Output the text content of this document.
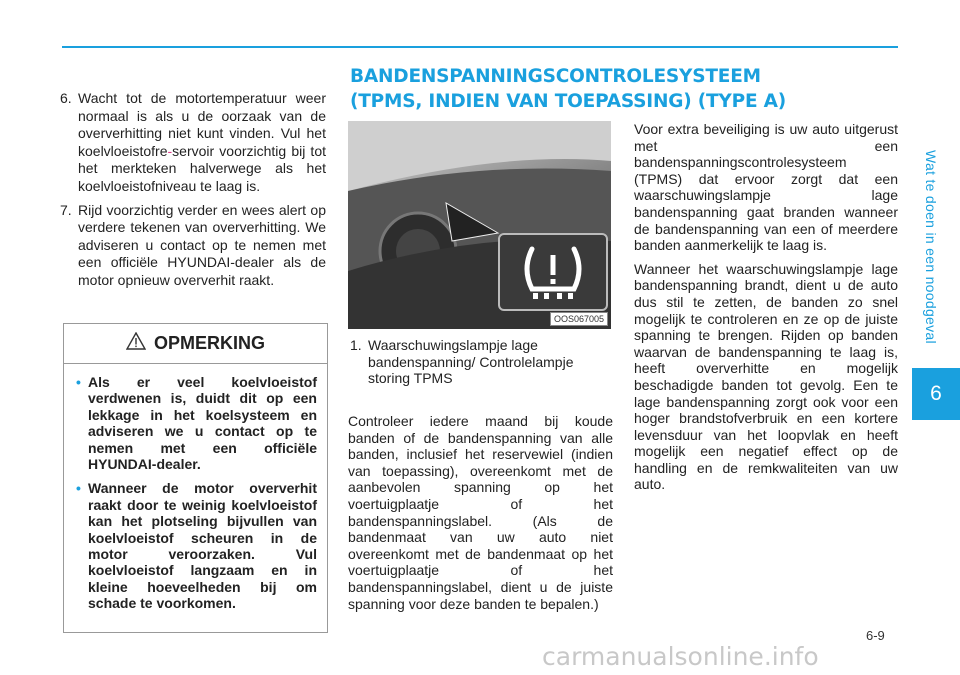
Wat te doen in een noodgeval
6
6. Wacht tot de motortemperatuur weer normaal is als u de oorzaak van de oververhitting niet kunt vinden. Vul het koelvloeistofre-servoir voorzichtig bij tot het merkteken halverwege als het koelvloeistofniveau te laag is.
7. Rijd voorzichtig verder en wees alert op verdere tekenen van oververhitting. We adviseren u contact op te nemen met een officiële HYUNDAI-dealer als de motor opnieuw oververhit raakt.
OPMERKING
• Als er veel koelvloeistof verdwenen is, duidt dit op een lekkage in het koelsysteem en adviseren we u contact op te nemen met een officiële HYUNDAI-dealer.
• Wanneer de motor oververhit raakt door te weinig koelvloeistof kan het plotseling bijvullen van koelvloeistof scheuren in de motor veroorzaken. Vul koelvloeistof langzaam en in kleine hoeveelheden bij om schade te voorkomen.
BANDENSPANNINGSCONTROLESYSTEEM
(TPMS, INDIEN VAN TOEPASSING) (TYPE A)
OOS067005
1. Waarschuwingslampje lage bandenspanning/ Controlelampje storing TPMS
Controleer iedere maand bij koude banden of de bandenspanning van alle banden, inclusief het reservewiel (indien van toepassing), overeenkomt met de aanbevolen spanning op het voertuigplaatje of het bandenspanningslabel. (Als de bandenmaat van uw auto niet overeenkomt met de bandenmaat op het voertuigplaatje of het bandenspanningslabel, dient u de juiste spanning voor deze banden te bepalen.)

Voor extra beveiliging is uw auto uitgerust met een bandenspanningscontrolesysteem (TPMS) dat ervoor zorgt dat een waarschuwingslampje lage bandenspanning gaat branden wanneer de bandenspanning van een of meerdere banden aanmerkelijk te laag is.

Wanneer het waarschuwingslampje lage bandenspanning brandt, dient u de auto dus stil te zetten, de banden zo snel mogelijk te controleren en ze op de juiste spanning te brengen. Rijden op banden waarvan de bandenspanning te laag is, heeft oververhitte en mogelijk beschadigde banden tot gevolg. Een te lage bandenspanning zorgt ook voor een hoger brandstofverbruik en een kortere levensduur van het loopvlak en heeft mogelijk een negatief effect op de handling en de remkwaliteiten van uw auto.

6-9
carmanualsonline.info
